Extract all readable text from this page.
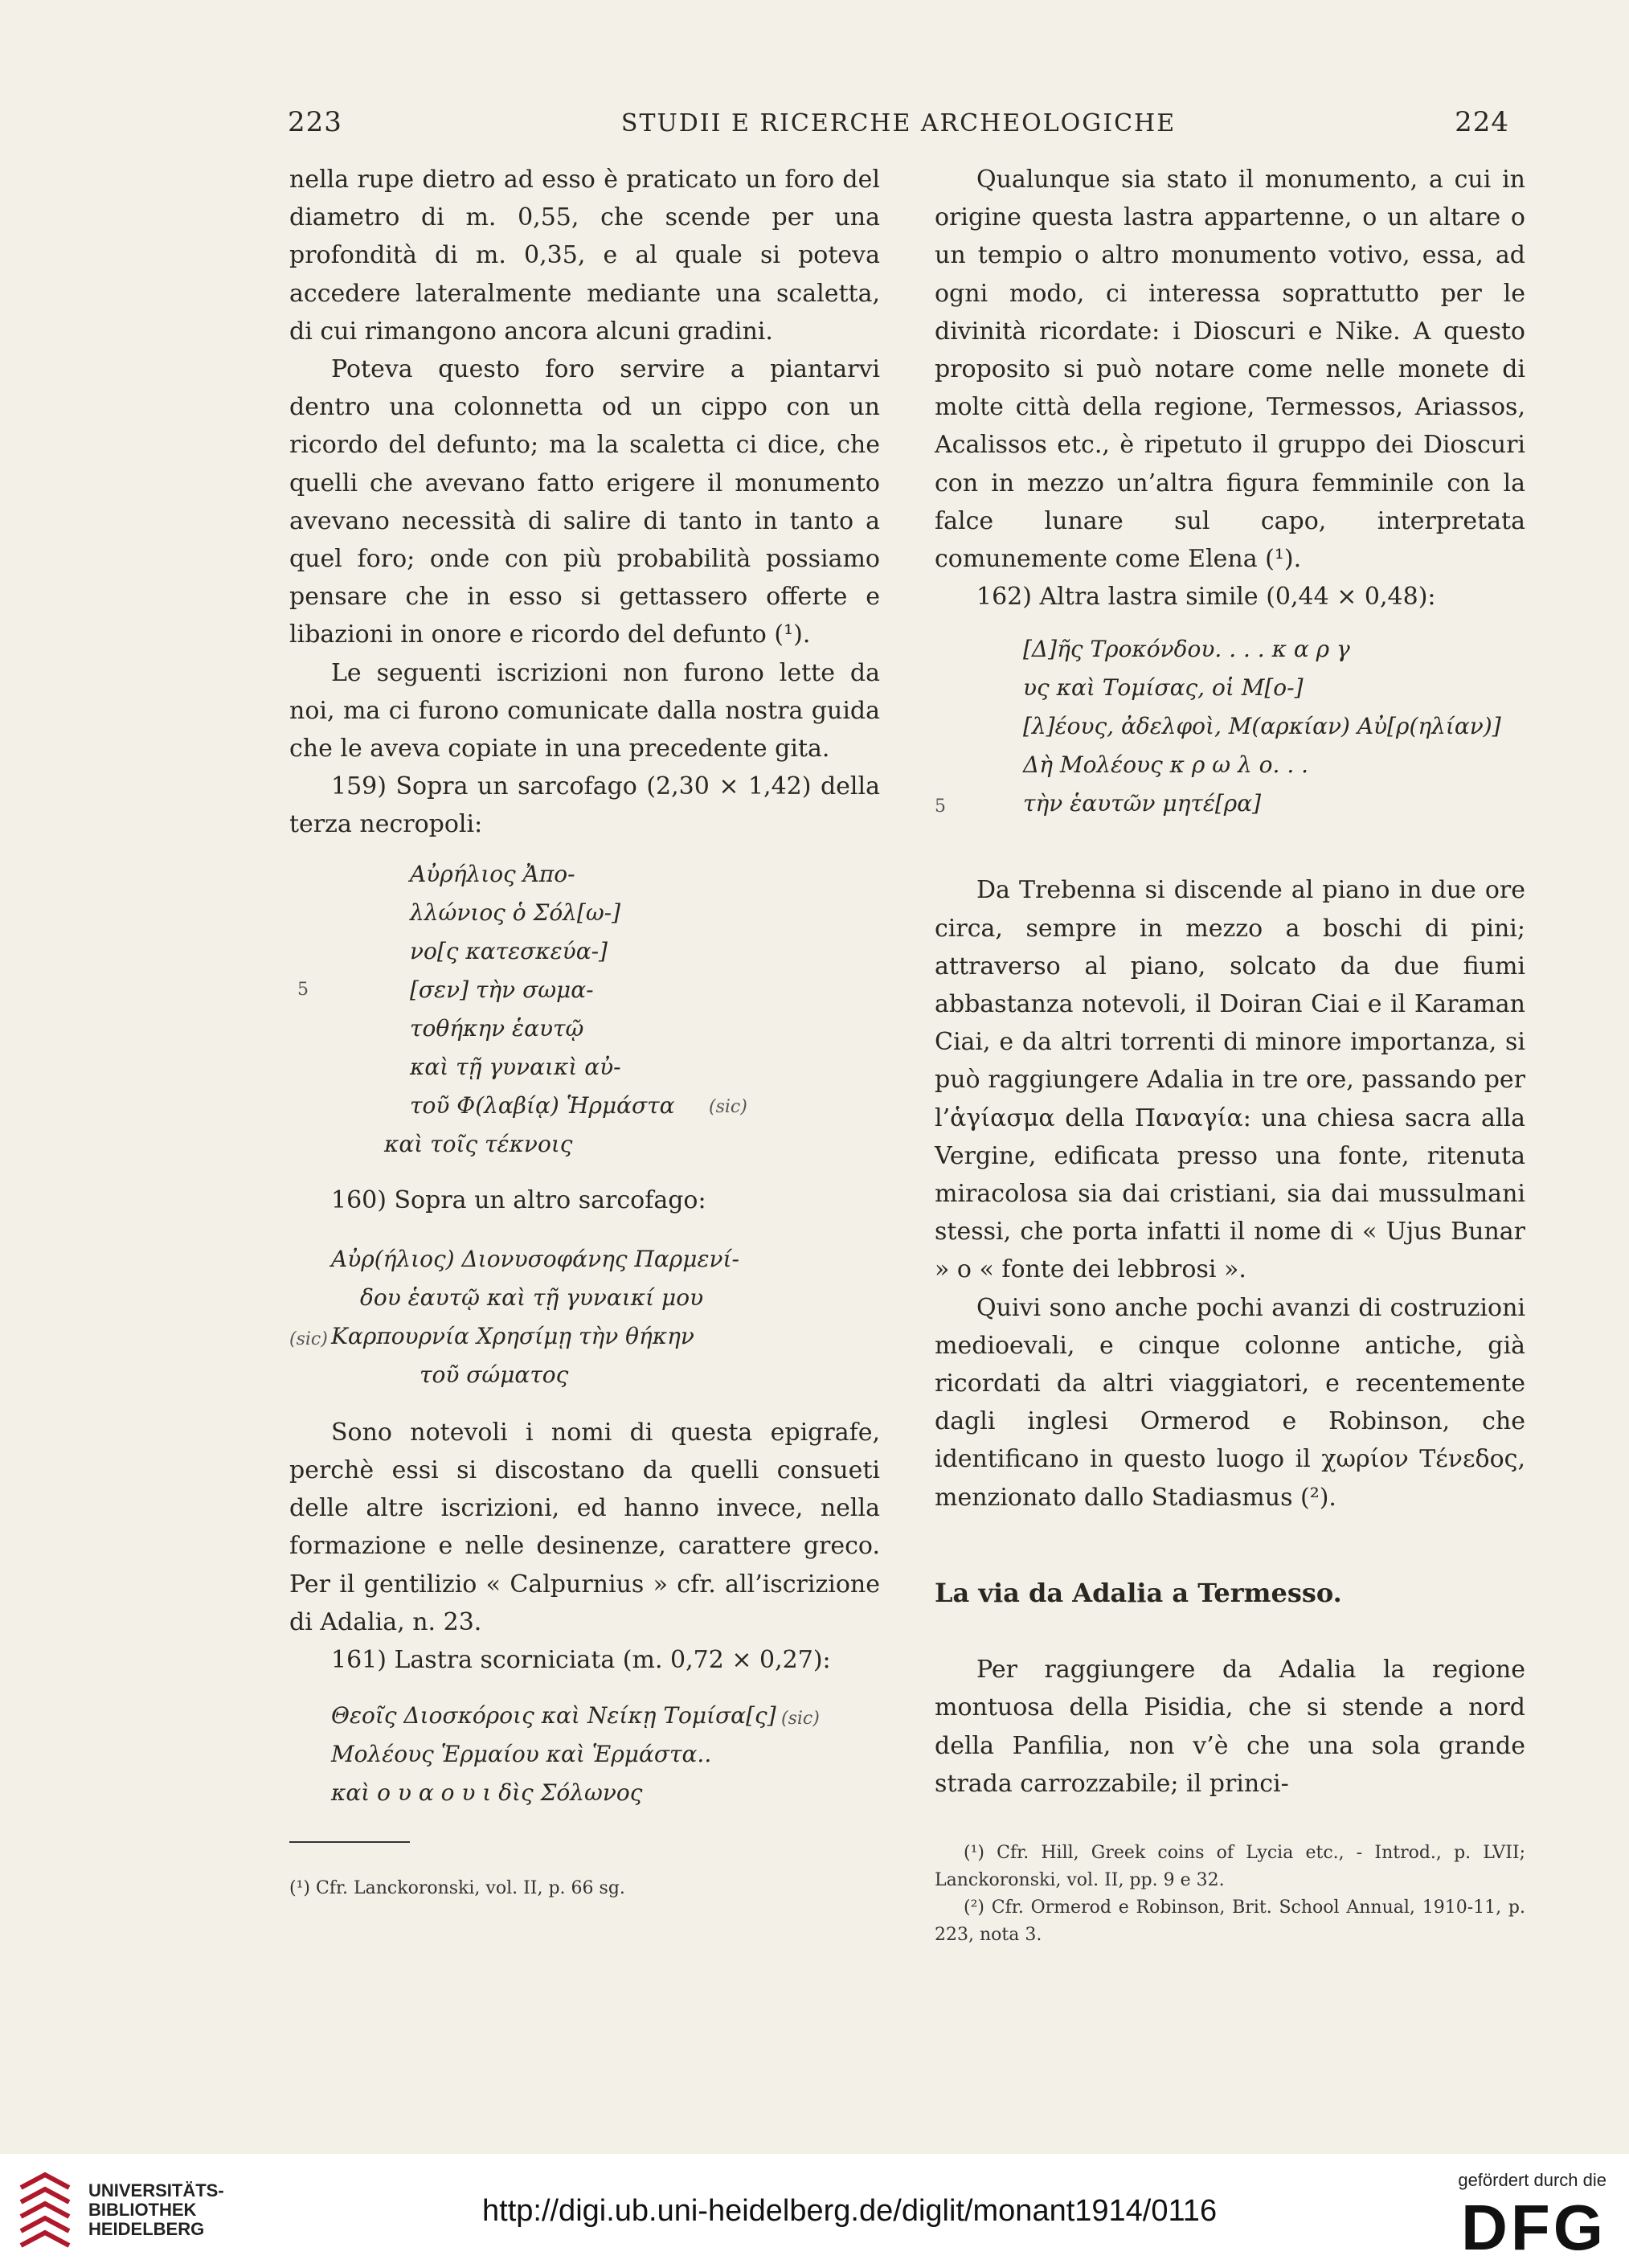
223	STUDII E RICERCHE ARCHEOLOGICHE	224

nella rupe dietro ad esso è praticato un foro del diametro di m. 0,55, che scende per una profondità di m. 0,35, e al quale si poteva accedere lateralmente mediante una scaletta, di cui rimangono ancora alcuni gradini.

Poteva questo foro servire a piantarvi dentro una colonnetta od un cippo con un ricordo del defunto; ma la scaletta ci dice, che quelli che avevano fatto erigere il monumento avevano necessità di salire di tanto in tanto a quel foro; onde con più probabilità possiamo pensare che in esso si gettassero offerte e libazioni in onore e ricordo del defunto (¹).

Le seguenti iscrizioni non furono lette da noi, ma ci furono comunicate dalla nostra guida che le aveva copiate in una precedente gita.

159) Sopra un sarcofago (2,30 × 1,42) della terza necropoli:

5
Αὐρήλιος Ἀπο-
λλώνιος ὁ Σόλ[ω-]
νο[ς κατεσκεύα-]
[σεν] τὴν σωμα-
τοθήκην ἑαυτῷ
καὶ τῇ γυναικὶ αὐ-
τοῦ Φ(λαβίᾳ) Ἡρμάστα	(sic)
καὶ τοῖς τέκνοις

160) Sopra un altro sarcofago:

(sic)
Αὐρ(ήλιος) Διονυσοφάνης Παρμενί-
δου ἑαυτῷ καὶ τῇ γυναικί μου
Καρπουρνία Χρησίμῃ τὴν θήκην
τοῦ σώματος

Sono notevoli i nomi di questa epigrafe, perchè essi si discostano da quelli consueti delle altre iscrizioni, ed hanno invece, nella formazione e nelle desinenze, carattere greco. Per il gentilizio « Calpurnius » cfr. all’iscrizione di Adalia, n. 23.

161) Lastra scorniciata (m. 0,72 × 0,27):

Θεοῖς Διοσκόροις καὶ Νείκῃ Τομίσα[ς] (sic)
Μολέους Ἑρμαίου καὶ Ἑρμάστα..
καὶ ο υ α ο υ ι δὶς Σόλωνος

(¹) Cfr. Lanckoronski, vol. II, p. 66 sg.

Qualunque sia stato il monumento, a cui in origine questa lastra appartenne, o un altare o un tempio o altro monumento votivo, essa, ad ogni modo, ci interessa soprattutto per le divinità ricordate: i Dioscuri e Nike. A questo proposito si può notare come nelle monete di molte città della regione, Termessos, Ariassos, Acalissos etc., è ripetuto il gruppo dei Dioscuri con in mezzo un’altra figura femminile con la falce lunare sul capo, interpretata comunemente come Elena (¹).

162) Altra lastra simile (0,44 × 0,48):

5
[Δ]ῆς Τροκόνδου. . . . κ α ρ γ
υς καὶ Τομίσας, οἱ Μ[ο-]
[λ]έους, ἀδελφοὶ, Μ(αρκίαν) Αὐ[ρ(ηλίαν)]
Δὴ Μολέους κ ρ ω λ ο. . .
τὴν ἑαυτῶν μητέ[ρα]

Da Trebenna si discende al piano in due ore circa, sempre in mezzo a boschi di pini; attraverso al piano, solcato da due fiumi abbastanza notevoli, il Doiran Ciai e il Karaman Ciai, e da altri torrenti di minore importanza, si può raggiungere Adalia in tre ore, passando per l’ἁγίασμα della Παναγία: una chiesa sacra alla Vergine, edificata presso una fonte, ritenuta miracolosa sia dai cristiani, sia dai mussulmani stessi, che porta infatti il nome di « Ujus Bunar » o « fonte dei lebbrosi ».

Quivi sono anche pochi avanzi di costruzioni medioevali, e cinque colonne antiche, già ricordati da altri viaggiatori, e recentemente dagli inglesi Ormerod e Robinson, che identificano in questo luogo il χωρίον Τένεδος, menzionato dallo Stadiasmus (²).

La via da Adalia a Termesso.

Per raggiungere da Adalia la regione montuosa della Pisidia, che si stende a nord della Panfilia, non v’è che una sola grande strada carrozzabile; il princi-

(¹) Cfr. Hill, Greek coins of Lycia etc., - Introd., p. LVII; Lanckoronski, vol. II, pp. 9 e 32.

(²) Cfr. Ormerod e Robinson, Brit. School Annual, 1910-11, p. 223, nota 3.

UNIVERSITÄTS-
BIBLIOTHEK
HEIDELBERG
http://digi.ub.uni-heidelberg.de/diglit/monant1914/0116
gefördert durch die
DFG
